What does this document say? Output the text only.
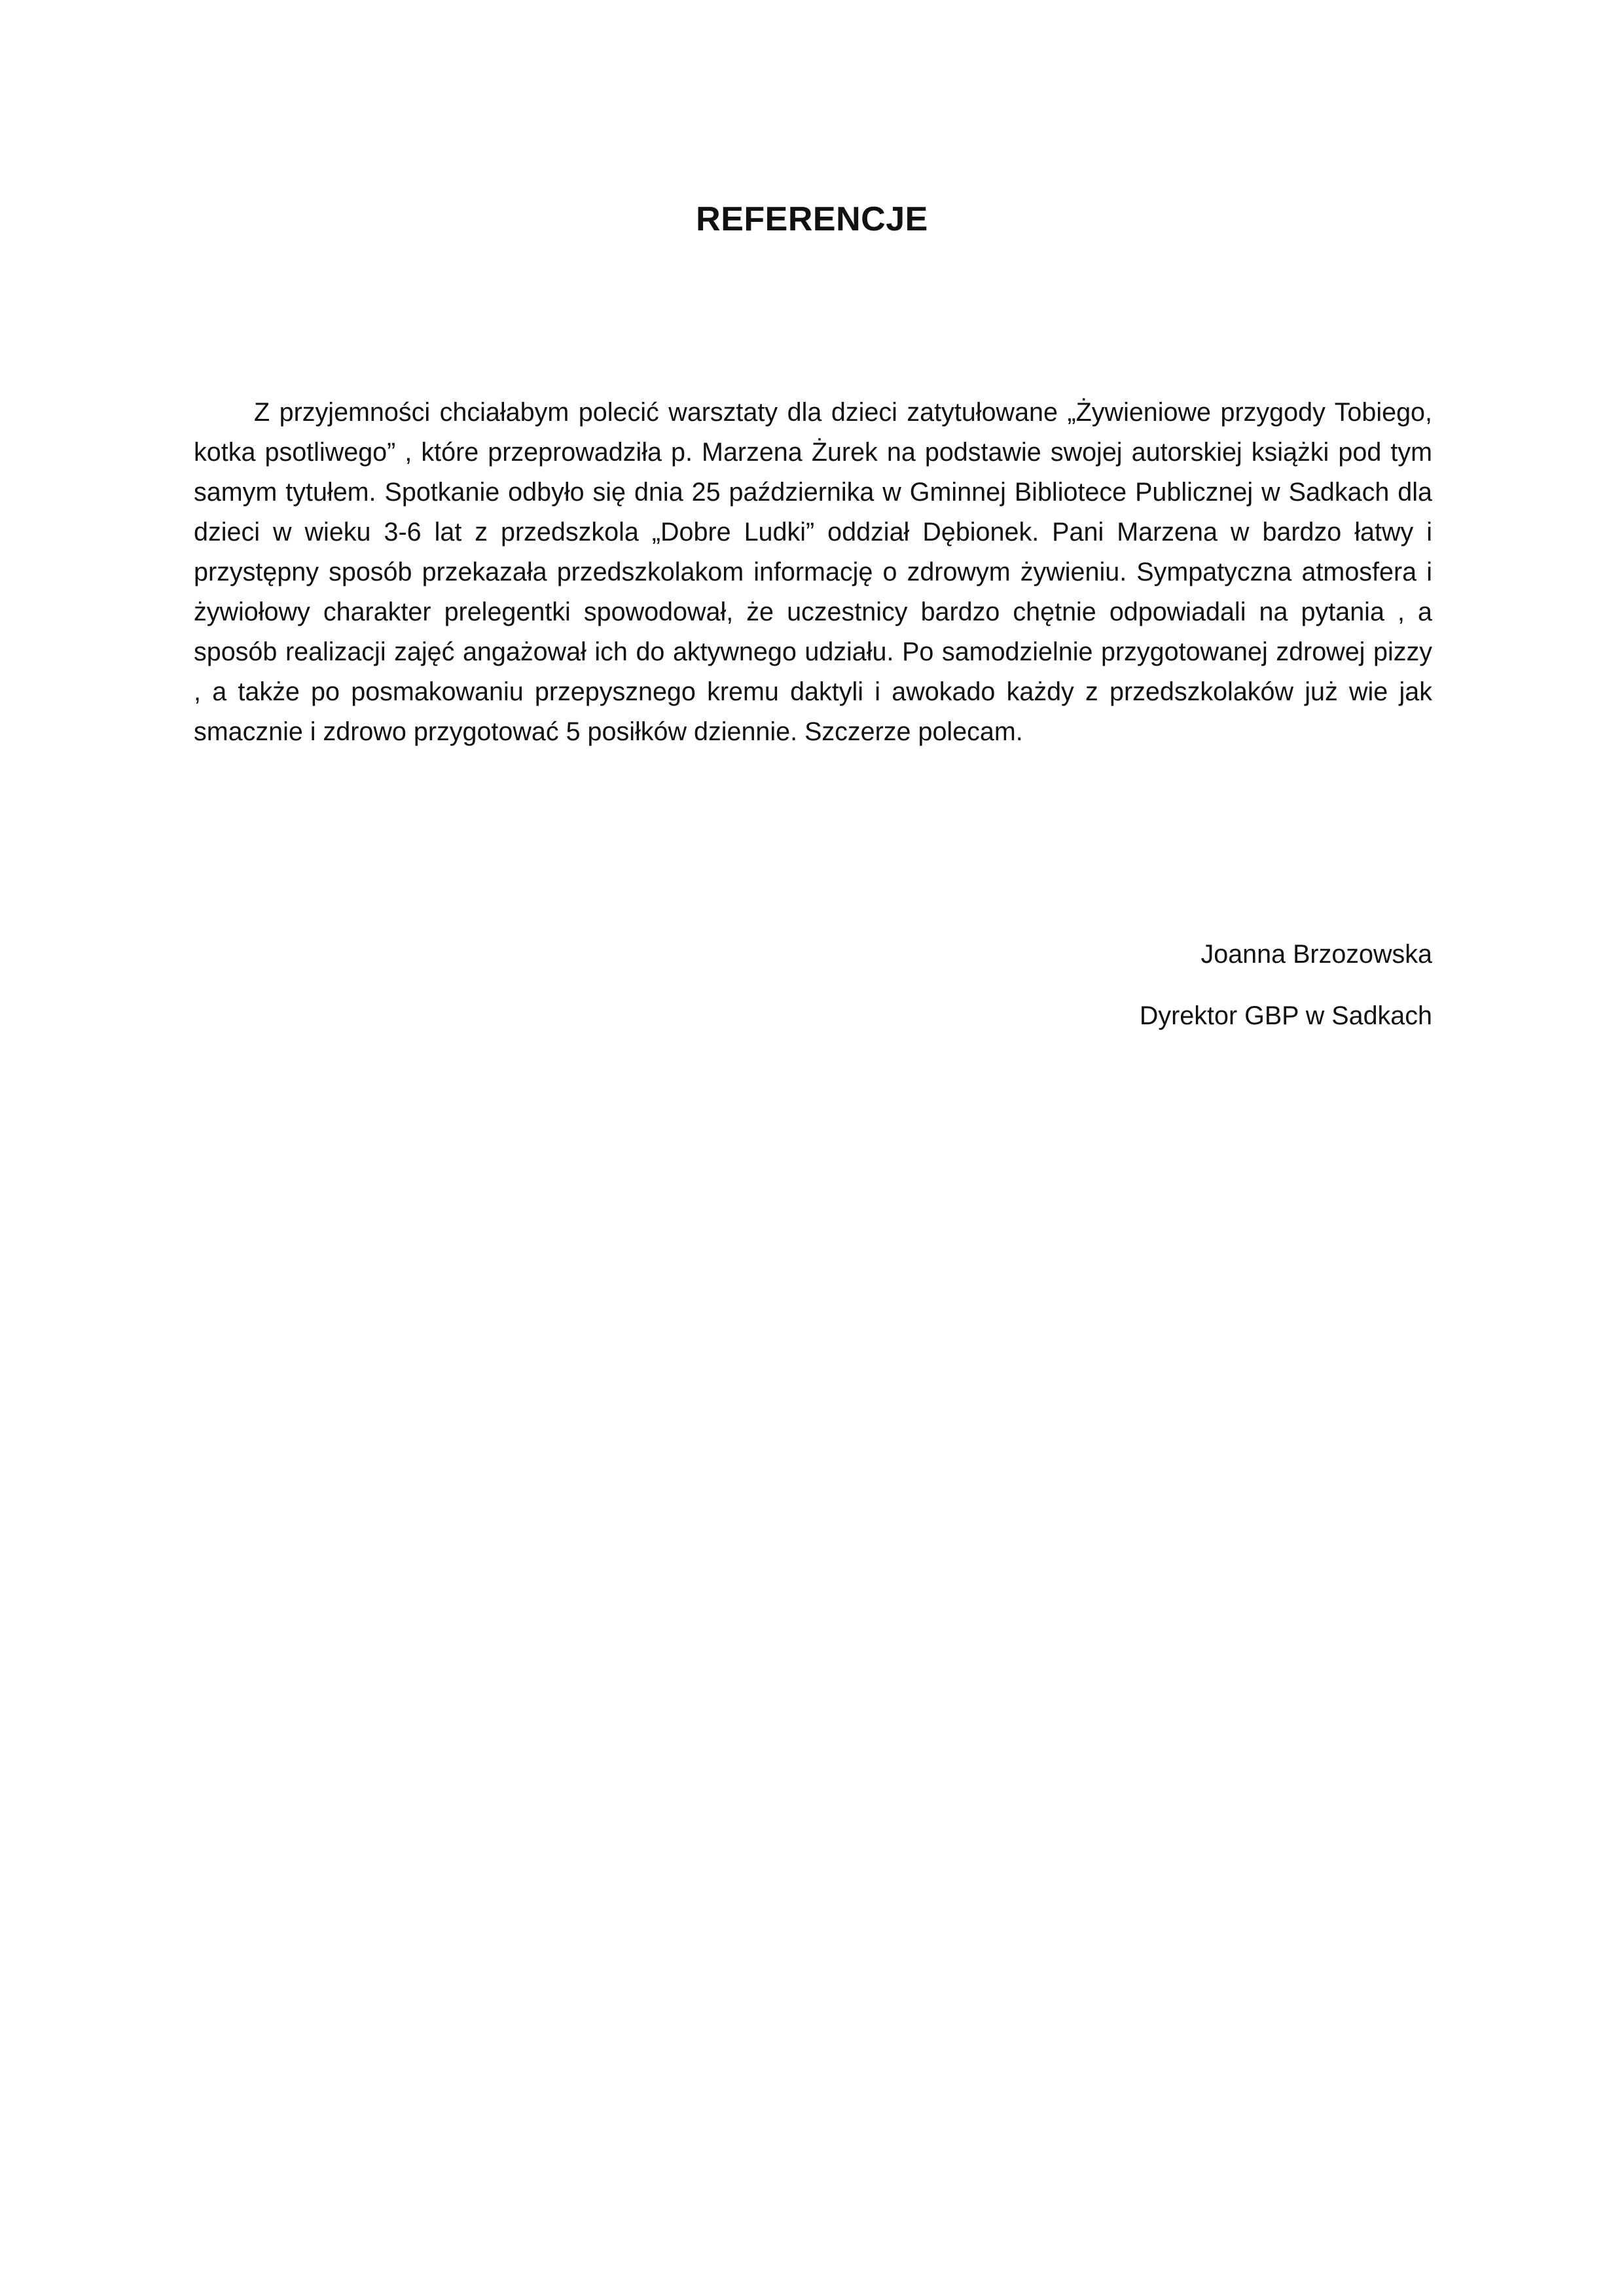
REFERENCJE

Z przyjemności chciałabym polecić warsztaty dla dzieci zatytułowane „Żywieniowe przygody Tobiego, kotka psotliwego” , które przeprowadziła p. Marzena Żurek na podstawie swojej autorskiej książki pod tym samym tytułem. Spotkanie odbyło się dnia 25 października w Gminnej Bibliotece Publicznej w Sadkach dla dzieci w wieku 3-6 lat z przedszkola „Dobre Ludki” oddział Dębionek. Pani Marzena w bardzo łatwy i przystępny sposób przekazała przedszkolakom informację o zdrowym żywieniu. Sympatyczna atmosfera i żywiołowy charakter prelegentki spowodował, że uczestnicy bardzo chętnie odpowiadali na pytania , a sposób realizacji zajęć angażował ich do aktywnego udziału. Po samodzielnie przygotowanej zdrowej pizzy , a także po posmakowaniu przepysznego kremu daktyli i awokado każdy z przedszkolaków już wie jak smacznie i zdrowo przygotować 5 posiłków dziennie. Szczerze polecam.

Joanna Brzozowska
Dyrektor GBP w Sadkach
